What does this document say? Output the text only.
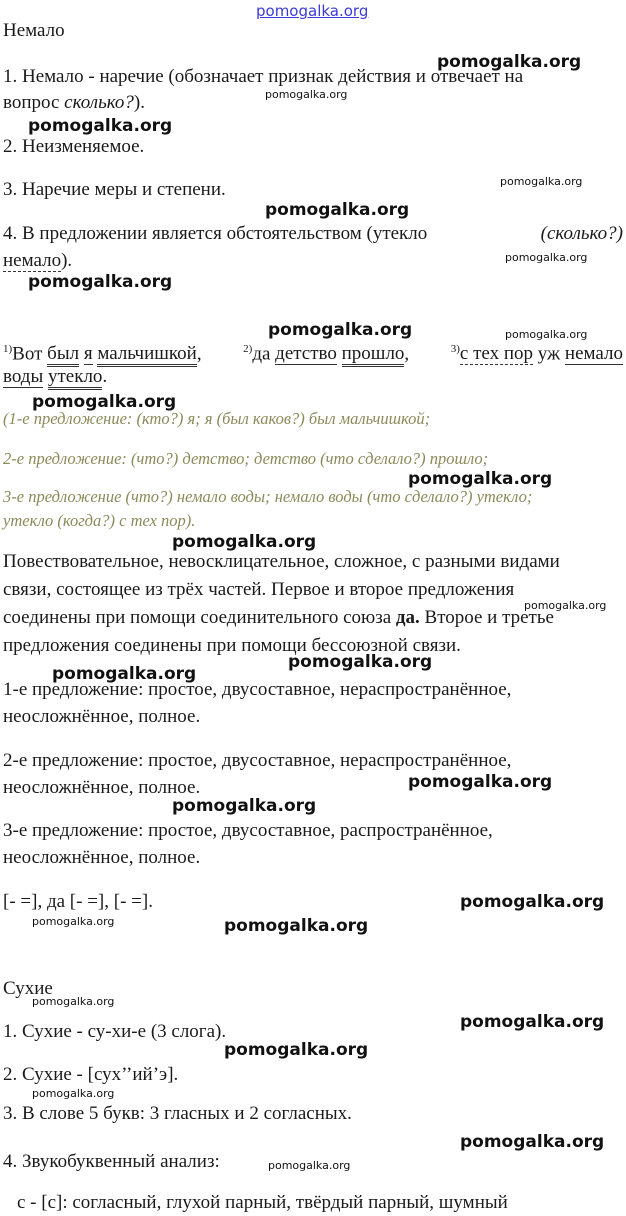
pomogalka.org
pomogalka.org
pomogalka.org
pomogalka.org
pomogalka.org
pomogalka.org
pomogalka.org
pomogalka.org
pomogalka.org	pomogalka.org
pomogalka.org
pomogalka.org
pomogalka.org
pomogalka.org
pomogalka.org
pomogalka.org
pomogalka.org
pomogalka.org
pomogalka.org
pomogalka.org	pomogalka.org
pomogalka.org
pomogalka.org
pomogalka.org
pomogalka.org
pomogalka.org
pomogalka.org
Немало
1. Немало - наречие (обозначает признак действия и отвечает на
вопрос сколько?).
2. Неизменяемое.
3. Наречие меры и степени.
4. В предложении является обстоятельством (утекло	(сколько?)
немало).
$^{1)}$Вот был я мальчишкой,	$^{2)}$да детство прошло,	$^{3)}$с тех пор уж немало
воды утекло.
(1-е предложение: (кто?) я; я (был каков?) был мальчишкой;
2-е предложение: (что?) детство; детство (что сделало?) прошло;
3-е предложение (что?) немало воды; немало воды (что сделало?) утекло;
утекло (когда?) с тех пор).
Повествовательное, невосклицательное, сложное, с разными видами
связи, состоящее из трёх частей. Первое и второе предложения
соединены при помощи соединительного союза да. Второе и третье
предложения соединены при помощи бессоюзной связи.
1-е предложение: простое, двусоставное, нераспространённое,
неосложнённое, полное.
2-е предложение: простое, двусоставное, нераспространённое,
неосложнённое, полное.
3-е предложение: простое, двусоставное, распространённое,
неосложнённое, полное.
[- =], да [- =], [- =].
Сухие
1. Сухие - су-хи-е (3 слога).
2. Сухие - [сух’’ий’э].
3. В слове 5 букв: 3 гласных и 2 согласных.
4. Звукобуквенный анализ:
с - [с]: согласный, глухой парный, твёрдый парный, шумный
